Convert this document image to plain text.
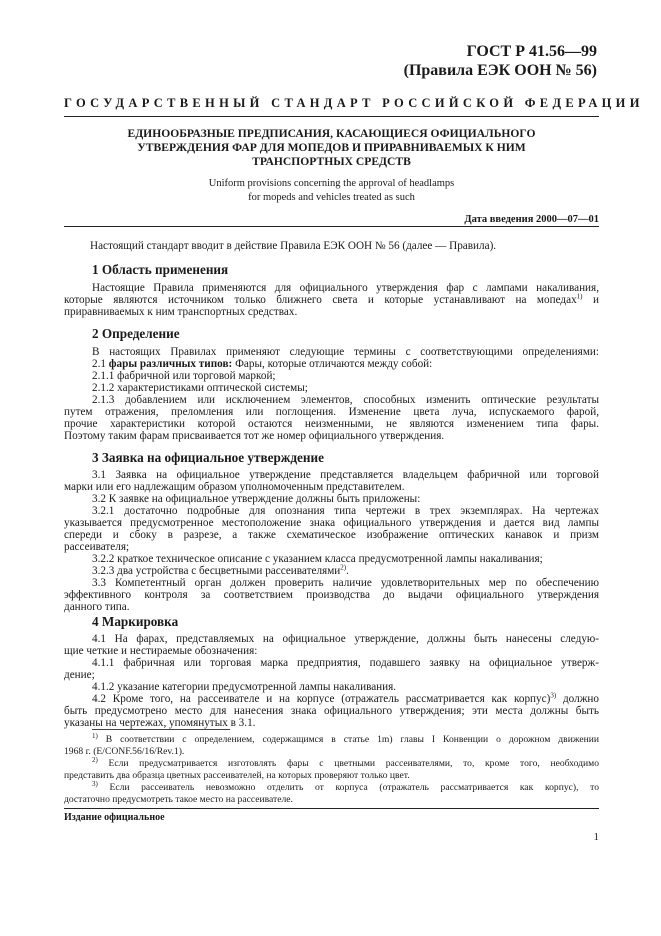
ГОСТ Р 41.56—99
(Правила ЕЭК ООН № 56)
ГОСУДАРСТВЕННЫЙ СТАНДАРТ РОССИЙСКОЙ ФЕДЕРАЦИИ
ЕДИНООБРАЗНЫЕ ПРЕДПИСАНИЯ, КАСАЮЩИЕСЯ ОФИЦИАЛЬНОГО
УТВЕРЖДЕНИЯ ФАР ДЛЯ МОПЕДОВ И ПРИРАВНИВАЕМЫХ К НИМ
ТРАНСПОРТНЫХ СРЕДСТВ
Uniform provisions concerning the approval of headlamps
for mopeds and vehicles treated as such
Дата введения 2000—07—01
Настоящий стандарт вводит в действие Правила ЕЭК ООН № 56 (далее — Правила).
1 Область применения
Настоящие Правила применяются для официального утверждения фар с лампами накаливания,
которые являются источником только ближнего света и которые устанавливают на мопедах$^{1)}$ и
приравниваемых к ним транспортных средствах.
2 Определение
В настоящих Правилах применяют следующие термины с соответствующими определениями:
2.1 фары различных типов: Фары, которые отличаются между собой:
2.1.1 фабричной или торговой маркой;
2.1.2 характеристиками оптической системы;
2.1.3 добавлением или исключением элементов, способных изменить оптические результаты
путем отражения, преломления или поглощения. Изменение цвета луча, испускаемого фарой,
прочие характеристики которой остаются неизменными, не являются изменением типа фары.
Поэтому таким фарам присваивается тот же номер официального утверждения.
3 Заявка на официальное утверждение
3.1 Заявка на официальное утверждение представляется владельцем фабричной или торговой
марки или его надлежащим образом уполномоченным представителем.
3.2 К заявке на официальное утверждение должны быть приложены:
3.2.1 достаточно подробные для опознания типа чертежи в трех экземплярах. На чертежах
указывается предусмотренное местоположение знака официального утверждения и дается вид лампы
спереди и сбоку в разрезе, а также схематическое изображение оптических канавок и призм
рассеивателя;
3.2.2 краткое техническое описание с указанием класса предусмотренной лампы накаливания;
3.2.3 два устройства с бесцветными рассеивателями$^{2)}$.
3.3 Компетентный орган должен проверить наличие удовлетворительных мер по обеспечению
эффективного контроля за соответствием производства до выдачи официального утверждения
данного типа.
4 Маркировка
4.1 На фарах, представляемых на официальное утверждение, должны быть нанесены следую-
щие четкие и нестираемые обозначения:
4.1.1 фабричная или торговая марка предприятия, подавшего заявку на официальное утверж-
дение;
4.1.2 указание категории предусмотренной лампы накаливания.
4.2 Кроме того, на рассеивателе и на корпусе (отражатель рассматривается как корпус)$^{3)}$ должно
быть предусмотрено место для нанесения знака официального утверждения; эти места должны быть
указаны на чертежах, упомянутых в 3.1.
$^{1)}$ В соответствии с определением, содержащимся в статье 1m) главы I Конвенции о дорожном движении
1968 г. (E/CONF.56/16/Rev.1).
$^{2)}$ Если предусматривается изготовлять фары с цветными рассеивателями, то, кроме того, необходимо
представить два образца цветных рассеивателей, на которых проверяют только цвет.
$^{3)}$ Если рассеиватель невозможно отделить от корпуса (отражатель рассматривается как корпус), то
достаточно предусмотреть такое место на рассеивателе.
Издание официальное
1
